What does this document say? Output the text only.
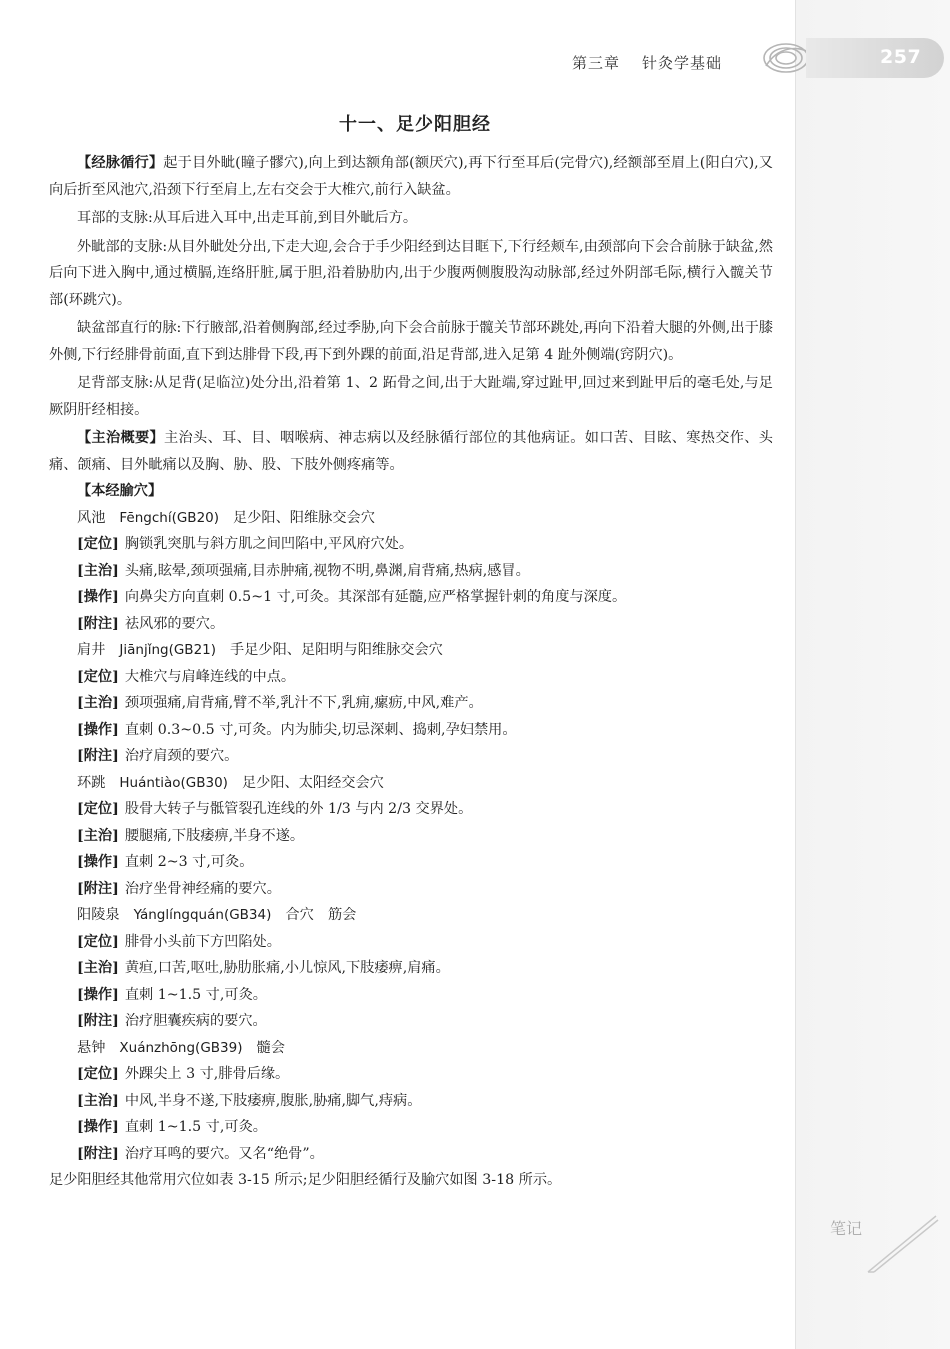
第三章 针灸学基础	257
十一、足少阳胆经

【经脉循行】起于目外眦(瞳子髎穴),向上到达额角部(额厌穴),再下行至耳后(完骨穴),经额部至眉上(阳白穴),又向后折至风池穴,沿颈下行至肩上,左右交会于大椎穴,前行入缺盆。

耳部的支脉:从耳后进入耳中,出走耳前,到目外眦后方。

外眦部的支脉:从目外眦处分出,下走大迎,会合于手少阳经到达目眶下,下行经颊车,由颈部向下会合前脉于缺盆,然后向下进入胸中,通过横膈,连络肝脏,属于胆,沿着胁肋内,出于少腹两侧腹股沟动脉部,经过外阴部毛际,横行入髋关节部(环跳穴)。

缺盆部直行的脉:下行腋部,沿着侧胸部,经过季胁,向下会合前脉于髋关节部环跳处,再向下沿着大腿的外侧,出于膝外侧,下行经腓骨前面,直下到达腓骨下段,再下到外踝的前面,沿足背部,进入足第 4 趾外侧端(窍阴穴)。

足背部支脉:从足背(足临泣)处分出,沿着第 1、2 跖骨之间,出于大趾端,穿过趾甲,回过来到趾甲后的毫毛处,与足厥阴肝经相接。

【主治概要】主治头、耳、目、咽喉病、神志病以及经脉循行部位的其他病证。如口苦、目眩、寒热交作、头痛、颌痛、目外眦痛以及胸、胁、股、下肢外侧疼痛等。

【本经腧穴】

风池 Fēngchí(GB20) 足少阳、阳维脉交会穴
[定位] 胸锁乳突肌与斜方肌之间凹陷中,平风府穴处。
[主治] 头痛,眩晕,颈项强痛,目赤肿痛,视物不明,鼻渊,肩背痛,热病,感冒。
[操作] 向鼻尖方向直刺 0.5~1 寸,可灸。其深部有延髓,应严格掌握针刺的角度与深度。
[附注] 祛风邪的要穴。
肩井 Jiānjǐng(GB21) 手足少阳、足阳明与阳维脉交会穴
[定位] 大椎穴与肩峰连线的中点。
[主治] 颈项强痛,肩背痛,臂不举,乳汁不下,乳痈,瘰疬,中风,难产。
[操作] 直刺 0.3~0.5 寸,可灸。内为肺尖,切忌深刺、捣刺,孕妇禁用。
[附注] 治疗肩颈的要穴。
环跳 Huántiào(GB30) 足少阳、太阳经交会穴
[定位] 股骨大转子与骶管裂孔连线的外 1/3 与内 2/3 交界处。
[主治] 腰腿痛,下肢痿痹,半身不遂。
[操作] 直刺 2~3 寸,可灸。
[附注] 治疗坐骨神经痛的要穴。
阳陵泉 Yánglíngquán(GB34) 合穴　筋会
[定位] 腓骨小头前下方凹陷处。
[主治] 黄疸,口苦,呕吐,胁肋胀痛,小儿惊风,下肢痿痹,肩痛。
[操作] 直刺 1~1.5 寸,可灸。
[附注] 治疗胆囊疾病的要穴。
悬钟 Xuánzhōng(GB39) 髓会
[定位] 外踝尖上 3 寸,腓骨后缘。
[主治] 中风,半身不遂,下肢痿痹,腹胀,胁痛,脚气,痔病。
[操作] 直刺 1~1.5 寸,可灸。
[附注] 治疗耳鸣的要穴。又名“绝骨”。

足少阳胆经其他常用穴位如表 3-15 所示;足少阳胆经循行及腧穴如图 3-18 所示。

笔记
